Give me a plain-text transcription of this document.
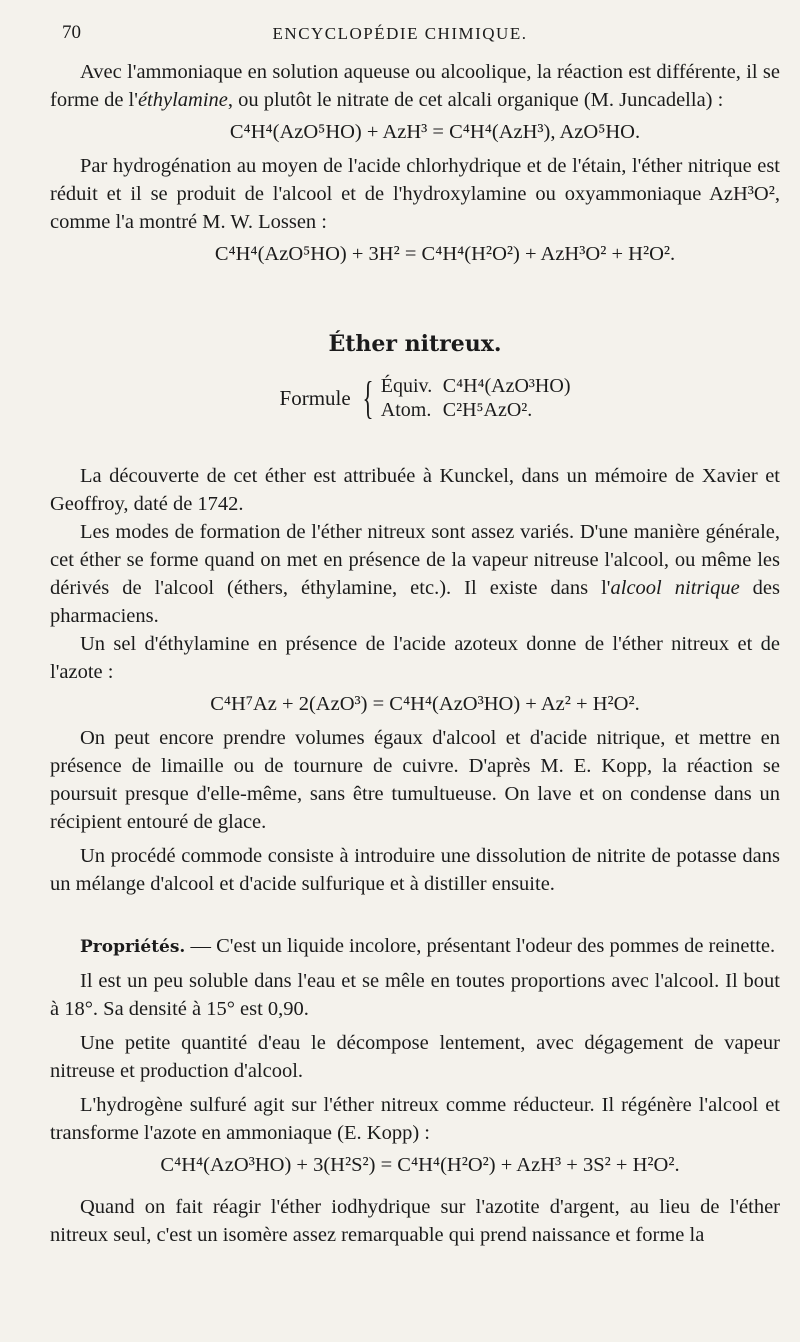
70	ENCYCLOPÉDIE CHIMIQUE.

Avec l'ammoniaque en solution aqueuse ou alcoolique, la réaction est différente, il se forme de l'éthylamine, ou plutôt le nitrate de cet alcali organique (M. Juncadella) :

C⁴H⁴(AzO⁵HO) + AzH³ = C⁴H⁴(AzH³), AzO⁵HO.

Par hydrogénation au moyen de l'acide chlorhydrique et de l'étain, l'éther nitrique est réduit et il se produit de l'alcool et de l'hydroxylamine ou oxyammoniaque AzH³O², comme l'a montré M. W. Lossen :

C⁴H⁴(AzO⁵HO) + 3H² = C⁴H⁴(H²O²) + AzH³O² + H²O².
Éther nitreux.
Formule { Équiv. C⁴H⁴(AzO³HO)
Atom. C²H⁵AzO².

La découverte de cet éther est attribuée à Kunckel, dans un mémoire de Xavier et Geoffroy, daté de 1742.

Les modes de formation de l'éther nitreux sont assez variés. D'une manière générale, cet éther se forme quand on met en présence de la vapeur nitreuse l'alcool, ou même les dérivés de l'alcool (éthers, éthylamine, etc.). Il existe dans l'alcool nitrique des pharmaciens.

Un sel d'éthylamine en présence de l'acide azoteux donne de l'éther nitreux et de l'azote :

C⁴H⁷Az + 2(AzO³) = C⁴H⁴(AzO³HO) + Az² + H²O².

On peut encore prendre volumes égaux d'alcool et d'acide nitrique, et mettre en présence de limaille ou de tournure de cuivre. D'après M. E. Kopp, la réaction se poursuit presque d'elle-même, sans être tumultueuse. On lave et on condense dans un récipient entouré de glace.

Un procédé commode consiste à introduire une dissolution de nitrite de potasse dans un mélange d'alcool et d'acide sulfurique et à distiller ensuite.

Propriétés. — C'est un liquide incolore, présentant l'odeur des pommes de reinette.

Il est un peu soluble dans l'eau et se mêle en toutes proportions avec l'alcool. Il bout à 18°. Sa densité à 15° est 0,90.

Une petite quantité d'eau le décompose lentement, avec dégagement de vapeur nitreuse et production d'alcool.

L'hydrogène sulfuré agit sur l'éther nitreux comme réducteur. Il régénère l'alcool et transforme l'azote en ammoniaque (E. Kopp) :

C⁴H⁴(AzO³HO) + 3(H²S²) = C⁴H⁴(H²O²) + AzH³ + 3S² + H²O².

Quand on fait réagir l'éther iodhydrique sur l'azotite d'argent, au lieu de l'éther nitreux seul, c'est un isomère assez remarquable qui prend naissance et forme la
